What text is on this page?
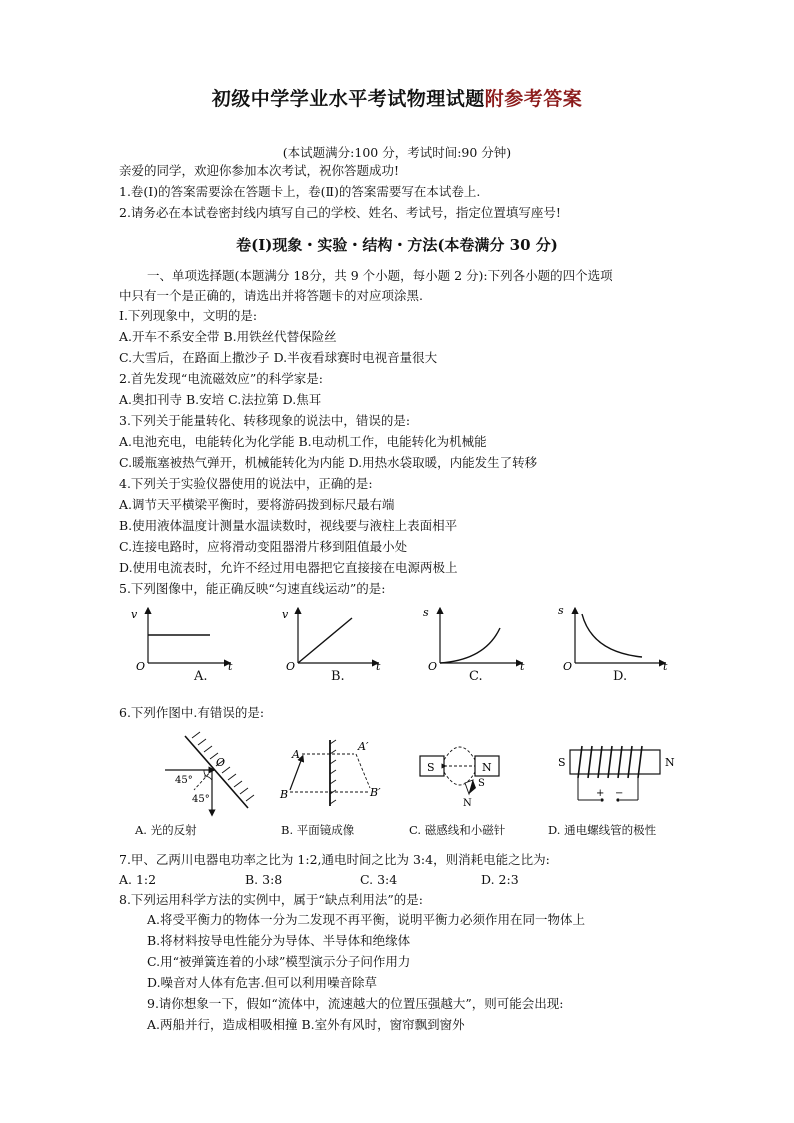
初级中学学业水平考试物理试题附参考答案
(本试题满分:100 分，考试时间:90 分钟)
亲爱的同学，欢迎你参加本次考试，祝你答题成功!
1.卷(Ⅰ)的答案需要涂在答题卡上，卷(Ⅱ)的答案需要写在本试卷上.
2.请务必在本试卷密封线内填写自己的学校、姓名、考试号，指定位置填写座号!
卷(Ⅰ)现象・实验・结构・方法(本卷满分 30 分)
一、单项选择题(本题满分 18分，共 9 个小题，每小题 2 分):下列各小题的四个选项
中只有一个是正确的，请选出并将答题卡的对应项涂黑.
I.下列现象中，文明的是:
A.开车不系安全带 B.用铁丝代替保险丝
C.大雪后，在路面上撒沙子 D.半夜看球赛时电视音量很大
2.首先发现“电流磁效应”的科学家是:
A.奥扣刊寺 B.安培 C.法拉第 D.焦耳
3.下列关于能量转化、转移现象的说法中，错误的是:
A.电池充电，电能转化为化学能 B.电动机工作，电能转化为机械能
C.暖瓶塞被热气弹开，机械能转化为内能 D.用热水袋取暖，内能发生了转移
4.下列关于实验仪器使用的说法中，正确的是:
A.调节天平横梁平衡时，要将游码拨到标尺最右端
B.使用液体温度计测量水温读数时，视线要与液柱上表面相平
C.连接电路时，应将滑动变阻器滑片移到阻值最小处
D.使用电流表时，允许不经过用电器把它直接接在电源两极上
5.下列图像中，能正确反映“匀速直线运动”的是:
v
O	t
v
O	t
s
O	t
s
O	t
A.	B.	C.	D.
6.下列作图中.有错误的是:
O
45°
45°
A
A′
B	B′
S	N
S
N
S	N
+ −
A. 光的反射	B. 平面镜成像	C. 磁感线和小磁针	D. 通电螺线管的极性
7.甲、乙两川电器电功率之比为 1:2,通电时间之比为 3:4，则消耗电能之比为:
A. 1:2	B. 3:8	C. 3:4	D. 2:3
8.下列运用科学方法的实例中，属于“缺点利用法”的是:
A.将受平衡力的物体一分为二发现不再平衡，说明平衡力必须作用在同一物体上
B.将材料按导电性能分为导体、半导体和绝缘体
C.用“被弹簧连着的小球”模型演示分子问作用力
D.噪音对人体有危害.但可以利用噪音除草
9.请你想象一下，假如“流体中，流速越大的位置压强越大”，则可能会出现:
A.两船并行，造成相吸相撞 B.室外有风时，窗帘飘到窗外
